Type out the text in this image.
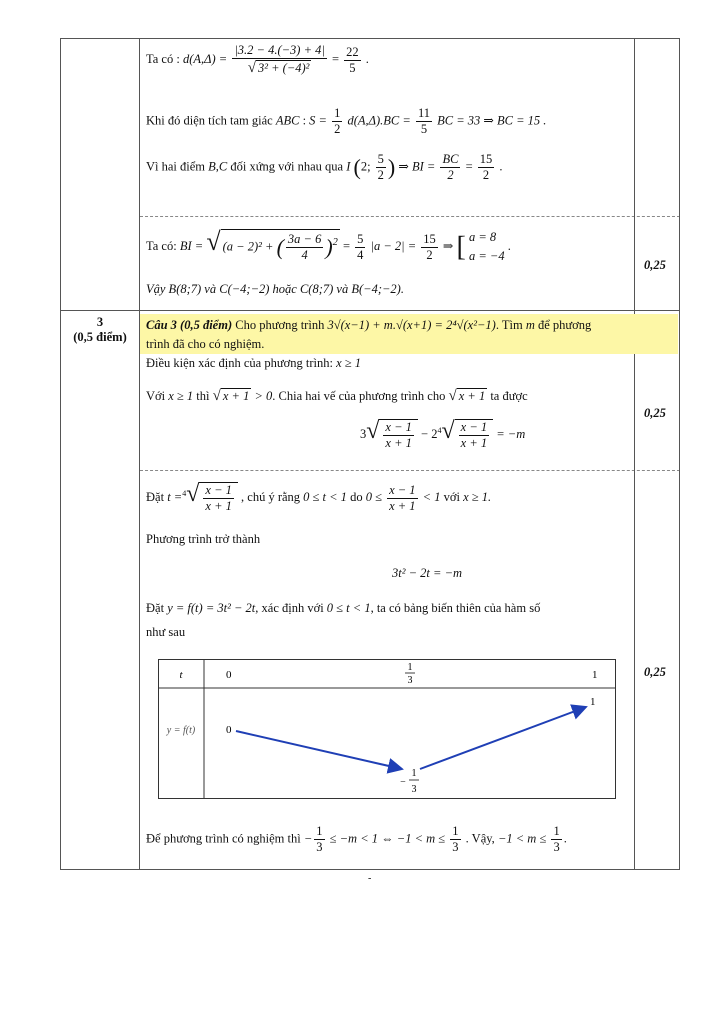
Ta có : $d(A,\Delta) = \frac{|3.2 - 4.(-3) + 4|}{\text{√ 3² + (−4)²}} = \frac{22}{5}$ .
Khi đó diện tích tam giác ABC : $S = \frac{1}{2} d(A,\Delta).BC = \frac{11}{5}$ BC = 33 ⇒ BC = 15 .
Vì hai điểm B,C đối xứng với nhau qua I (2; $\frac{5}{2}$ ) ⇒ BI = $\frac{BC}{2} = \frac{15}{2}$ .
Ta có: BI = √ (a − 2)² + ( $\frac{3a - 6}{4} )^2 = \frac{5}{4} |a - 2| = \frac{15}{2}$ ⇒ [ a = 8
a = −4
.
Vậy B(8;7) và C(−4;−2) hoặc C(8;7) và B(−4;−2).
0,25
3
(0,5 điểm)
Câu 3 (0,5 điểm) Cho phương trình 3√(x−1) + m.√(x+1) = 2⁴√(x²−1). Tìm m để phương
trình đã cho có nghiệm.
Điều kiện xác định của phương trình: x ≥ 1
Với x ≥ 1 thì √ x + 1 > 0. Chia hai vế của phương trình cho √ x + 1 ta được
$3√ \frac{x - 1}{x + 1} - 2^4√ \frac{x - 1}{x + 1} = -m$
0,25
Đặt $t =^4√ \frac{x - 1}{x + 1}$ , chú ý rằng 0 ≤ t < 1 do $0 \le \frac{x - 1}{x + 1} < 1$ với x ≥ 1.
Phương trình trở thành
3t² − 2t = −m
Đặt y = f(t) = 3t² − 2t, xác định với 0 ≤ t < 1, ta có bảng biến thiên của hàm số
như sau
t
y = f(t)
0
1
3	1
0
1
1
−
3
0,25
Để phương trình có nghiệm thì − $\frac{1}{3} \le -m < 1$ ⇔ $-1 < m \le \frac{1}{3}$ . Vậy, $-1 < m \le \frac{1}{3}$ .
-
